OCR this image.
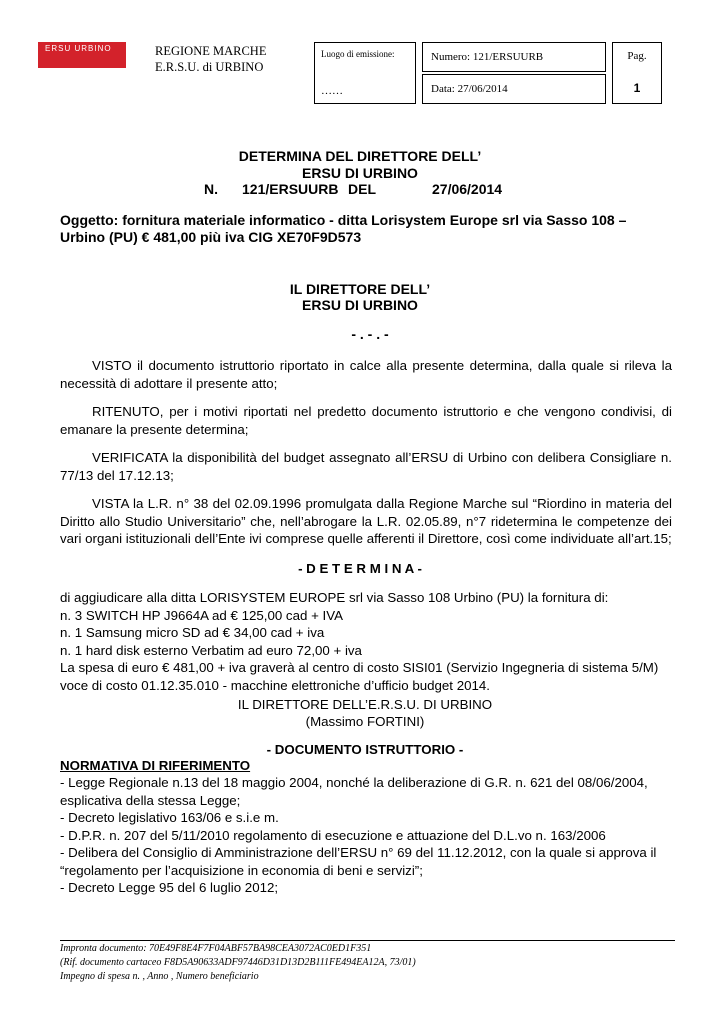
ERSU URBINO	REGIONE MARCHE
E.R.S.U. di URBINO
Luogo di emissione:
……
Numero: 121/ERSUURB
Data: 27/06/2014
Pag.
1
DETERMINA DEL DIRETTORE DELL’
ERSU DI URBINO
N. 121/ERSUURB DEL	27/06/2014
Oggetto: fornitura materiale informatico - ditta Lorisystem Europe srl via Sasso 108 –
Urbino (PU) € 481,00 più iva CIG XE70F9D573
IL DIRETTORE DELL’
ERSU DI URBINO
- . - . -
VISTO il documento istruttorio riportato in calce alla presente determina, dalla quale si rileva la necessità di adottare il presente atto;
RITENUTO, per i motivi riportati nel predetto documento istruttorio e che vengono condivisi, di emanare la presente determina;
VERIFICATA la disponibilità del budget assegnato all’ERSU di Urbino con delibera Consigliare n. 77/13 del 17.12.13;
VISTA la L.R. n° 38 del 02.09.1996 promulgata dalla Regione Marche sul “Riordino in materia del Diritto allo Studio Universitario” che, nell’abrogare la L.R. 02.05.89, n°7 ridetermina le competenze dei vari organi istituzionali dell’Ente ivi comprese quelle afferenti il Direttore, così come individuate all’art.15;
- D E T E R M I N A -
di aggiudicare alla ditta LORISYSTEM EUROPE srl via Sasso 108 Urbino (PU) la fornitura di:
n. 3 SWITCH HP J9664A ad € 125,00 cad + IVA
n. 1 Samsung micro SD ad € 34,00 cad + iva
n. 1 hard disk esterno Verbatim ad euro 72,00 + iva
La spesa di euro € 481,00 + iva graverà al centro di costo SISI01 (Servizio Ingegneria di sistema 5/M)
voce di costo 01.12.35.010 - macchine elettroniche d’ufficio budget 2014.
IL DIRETTORE DELL’E.R.S.U. DI URBINO
(Massimo FORTINI)
- DOCUMENTO ISTRUTTORIO -
NORMATIVA DI RIFERIMENTO
- Legge Regionale n.13 del 18 maggio 2004, nonché la deliberazione di G.R. n. 621 del 08/06/2004,
esplicativa della stessa Legge;
- Decreto legislativo 163/06 e s.i.e m.
- D.P.R. n. 207 del 5/11/2010 regolamento di esecuzione e attuazione del D.L.vo n. 163/2006
- Delibera del Consiglio di Amministrazione dell’ERSU n° 69 del 11.12.2012, con la quale si approva il
“regolamento per l’acquisizione in economia di beni e servizi”;
- Decreto Legge 95 del 6 luglio 2012;
Impronta documento: 70E49F8E4F7F04ABF57BA98CEA3072AC0ED1F351
(Rif. documento cartaceo F8D5A90633ADF97446D31D13D2B111FE494EA12A, 73/01)
Impegno di spesa n. , Anno , Numero beneficiario
